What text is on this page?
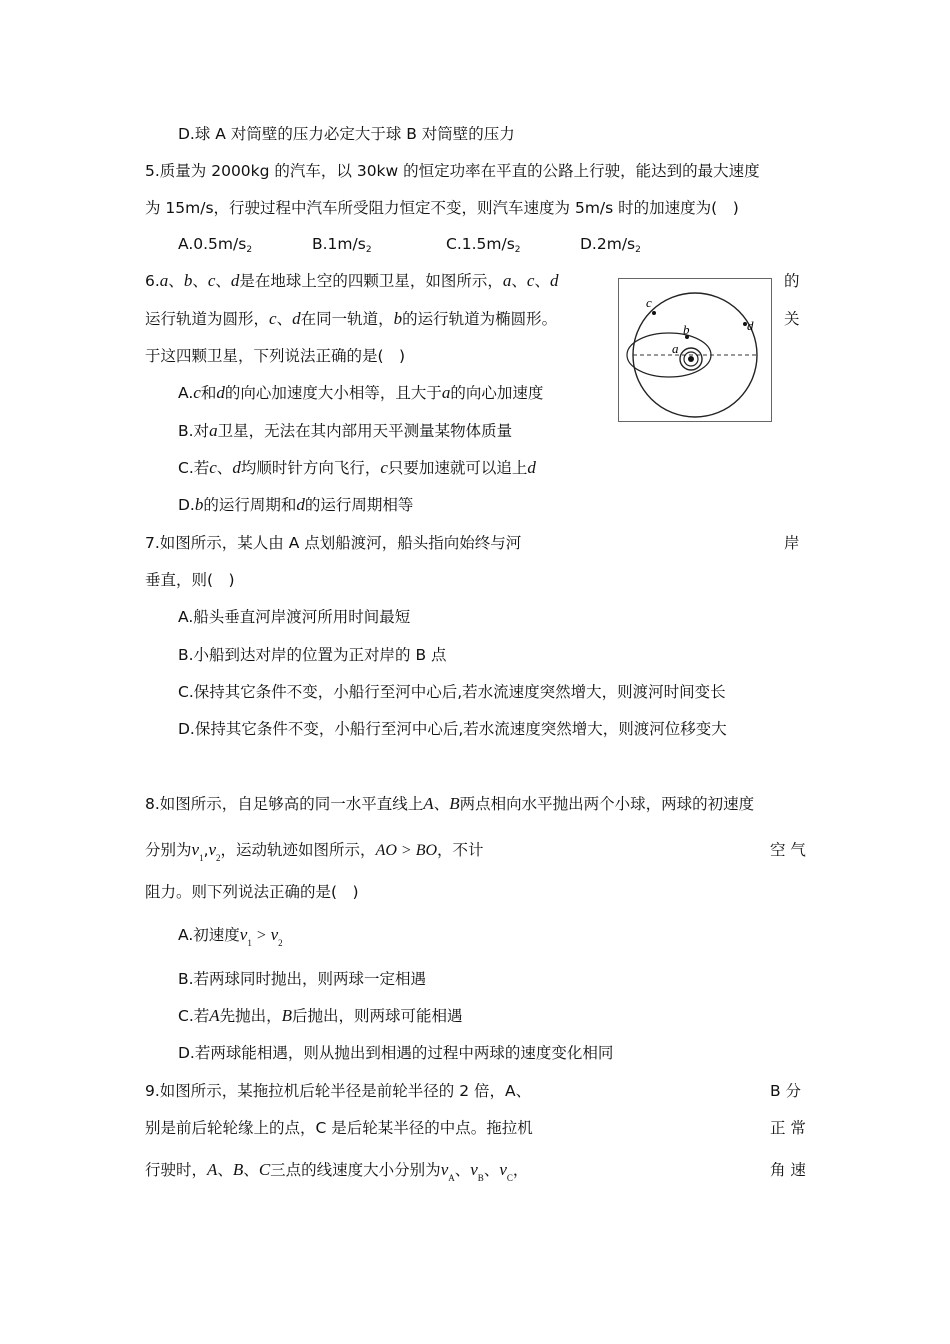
D.球 A 对筒壁的压力必定大于球 B 对筒壁的压力
5.质量为 2000kg 的汽车，以 30kw 的恒定功率在平直的公路上行驶，能达到的最大速度
为 15m/s，行驶过程中汽车所受阻力恒定不变，则汽车速度为 5m/s 时的加速度为(　)
A.0.5m/s2	B.1m/s2	C.1.5m/s2	D.2m/s2
6.a、b、c、d是在地球上空的四颗卫星，如图所示，a、c、d	的
运行轨道为圆形，c、d在同一轨道，b的运行轨道为椭圆形。	关
于这四颗卫星，下列说法正确的是(　)
A.c和d的向心加速度大小相等，且大于a的向心加速度
B.对a卫星，无法在其内部用天平测量某物体质量
C.若c、d均顺时针方向飞行，c只要加速就可以追上d
D.b的运行周期和d的运行周期相等
c
b
a
d
7.如图所示，某人由 A 点划船渡河，船头指向始终与河	岸
垂直，则(　)
A.船头垂直河岸渡河所用时间最短
B.小船到达对岸的位置为正对岸的 B 点
C.保持其它条件不变，小船行至河中心后,若水流速度突然增大，则渡河时间变长
D.保持其它条件不变，小船行至河中心后,若水流速度突然增大，则渡河位移变大
8.如图所示，自足够高的同一水平直线上A、B两点相向水平抛出两个小球，两球的初速度
分别为$v_1,v_2$，运动轨迹如图所示，AO > BO，不计	空 气
阻力。则下列说法正确的是(　)
A.初速度$v_1 > v_2$
B.若两球同时抛出，则两球一定相遇
C.若A先抛出，B后抛出，则两球可能相遇
D.若两球能相遇，则从抛出到相遇的过程中两球的速度变化相同
9.如图所示，某拖拉机后轮半径是前轮半径的 2 倍，A、	B 分
别是前后轮轮缘上的点，C 是后轮某半径的中点。拖拉机	正 常
行驶时，A、B、C三点的线速度大小分别为$v_A$、$v_B$、$v_C$，	角 速
